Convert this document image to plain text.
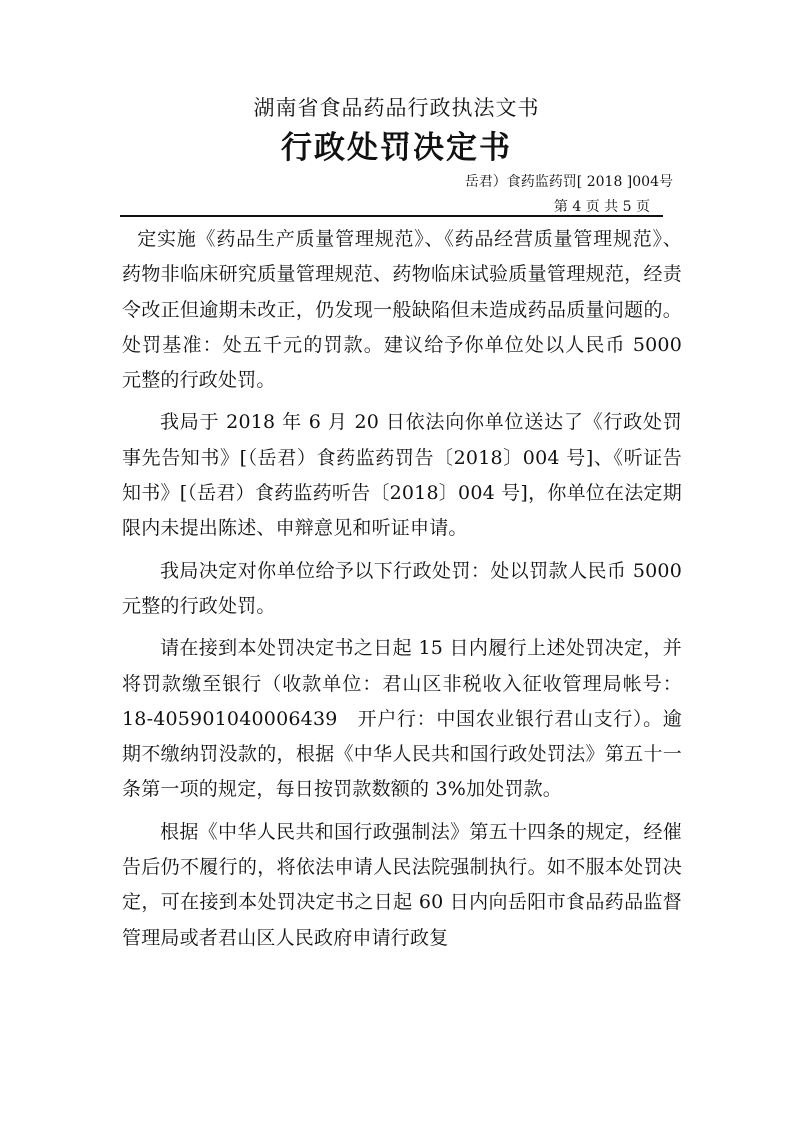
湖南省食品药品行政执法文书
行政处罚决定书
岳君）食药监药罚[ 2018 ]004号
第 4 页 共 5 页

定实施《药品生产质量管理规范》、《药品经营质量管理规范》、药物非临床研究质量管理规范、药物临床试验质量管理规范，经责令改正但逾期未改正，仍发现一般缺陷但未造成药品质量问题的。处罚基准：处五千元的罚款。建议给予你单位处以人民币 5000 元整的行政处罚。

我局于 2018 年 6 月 20 日依法向你单位送达了《行政处罚事先告知书》[（岳君）食药监药罚告〔2018〕004 号]、《听证告知书》[（岳君）食药监药听告〔2018〕004 号]，你单位在法定期限内未提出陈述、申辩意见和听证申请。

我局决定对你单位给予以下行政处罚：处以罚款人民币 5000 元整的行政处罚。

请在接到本处罚决定书之日起 15 日内履行上述处罚决定，并将罚款缴至银行（收款单位：君山区非税收入征收管理局帐号：18-405901040006439　开户行：中国农业银行君山支行）。逾期不缴纳罚没款的，根据《中华人民共和国行政处罚法》第五十一条第一项的规定，每日按罚款数额的 3%加处罚款。

根据《中华人民共和国行政强制法》第五十四条的规定，经催告后仍不履行的，将依法申请人民法院强制执行。如不服本处罚决定，可在接到本处罚决定书之日起 60 日内向岳阳市食品药品监督管理局或者君山区人民政府申请行政复
